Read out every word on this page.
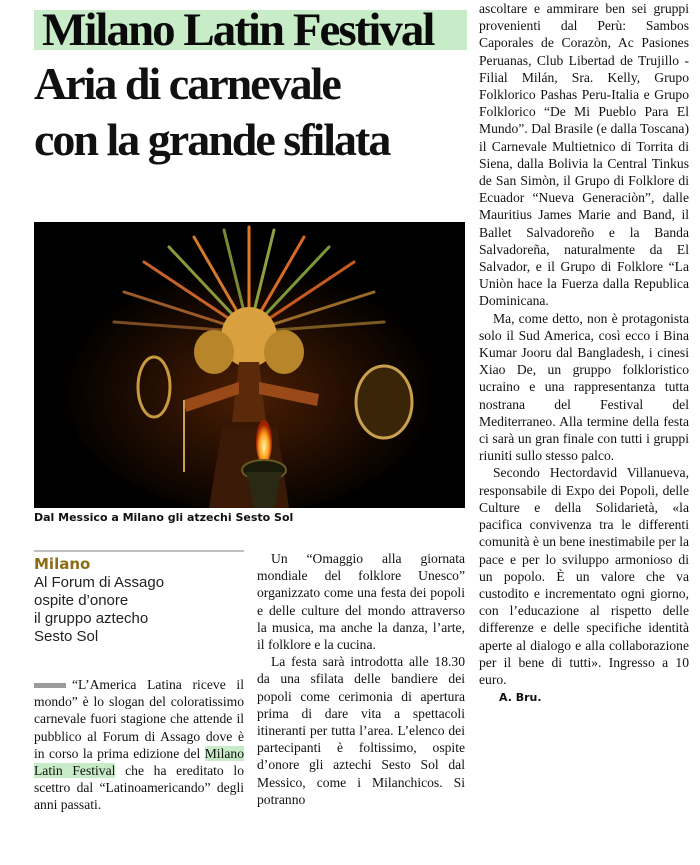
Milano Latin Festival
Aria di carnevale
con la grande sfilata
Dal Messico a Milano gli atzechi Sesto Sol
Milano
Al Forum di Assago
ospite d’onore
il gruppo aztecho
Sesto Sol

“L’America Latina riceve il mondo” è lo slogan del coloratissimo carnevale fuori stagione che attende il pubblico al Forum di Assago dove è in corso la prima edizione del Milano Latin Festival che ha ereditato lo scettro dal “Latinoamericando” degli anni passati.

Un “Omaggio alla giornata mondiale del folklore Unesco” organizzato come una festa dei popoli e delle culture del mondo attraverso la musica, ma anche la danza, l’arte, il folklore e la cucina.

La festa sarà introdotta alle 18.30 da una sfilata delle bandiere dei popoli come cerimonia di apertura prima di dare vita a spettacoli itineranti per tutta l’area. L’elenco dei partecipanti è foltissimo, ospite d’onore gli aztechi Sesto Sol dal Messico, come i Milanchicos. Si potranno

ascoltare e ammirare ben sei gruppi provenienti dal Perù: Sambos Caporales de Corazòn, Ac Pasiones Peruanas, Club Libertad de Trujillo - Filial Milán, Sra. Kelly, Grupo Folklorico Pashas Peru-Italia e Grupo Folklorico “De Mi Pueblo Para El Mundo”. Dal Brasile (e dalla Toscana) il Carnevale Multietnico di Torrita di Siena, dalla Bolivia la Central Tinkus de San Simòn, il Grupo di Folklore di Ecuador “Nueva Generaciòn”, dalle Mauritius James Marie and Band, il Ballet Salvadoreño e la Banda Salvadoreña, naturalmente da El Salvador, e il Grupo di Folklore “La Uniòn hace la Fuerza dalla Republica Dominicana.

Ma, come detto, non è protagonista solo il Sud America, così ecco i Bina Kumar Jooru dal Bangladesh, i cinesi Xiao De, un gruppo folkloristico ucraino e una rappresentanza tutta nostrana del Festival del Mediterraneo. Alla termine della festa ci sarà un gran finale con tutti i gruppi riuniti sullo stesso palco.

Secondo Hectordavid Villanueva, responsabile di Expo dei Popoli, delle Culture e della Solidarietà, «la pacifica convivenza tra le differenti comunità è un bene inestimabile per la pace e per lo sviluppo armonioso di un popolo. È un valore che va custodito e incrementato ogni giorno, con l’educazione al rispetto delle differenze e delle specifiche identità aperte al dialogo e alla collaborazione per il bene di tutti». Ingresso a 10 euro.
A. Bru.
